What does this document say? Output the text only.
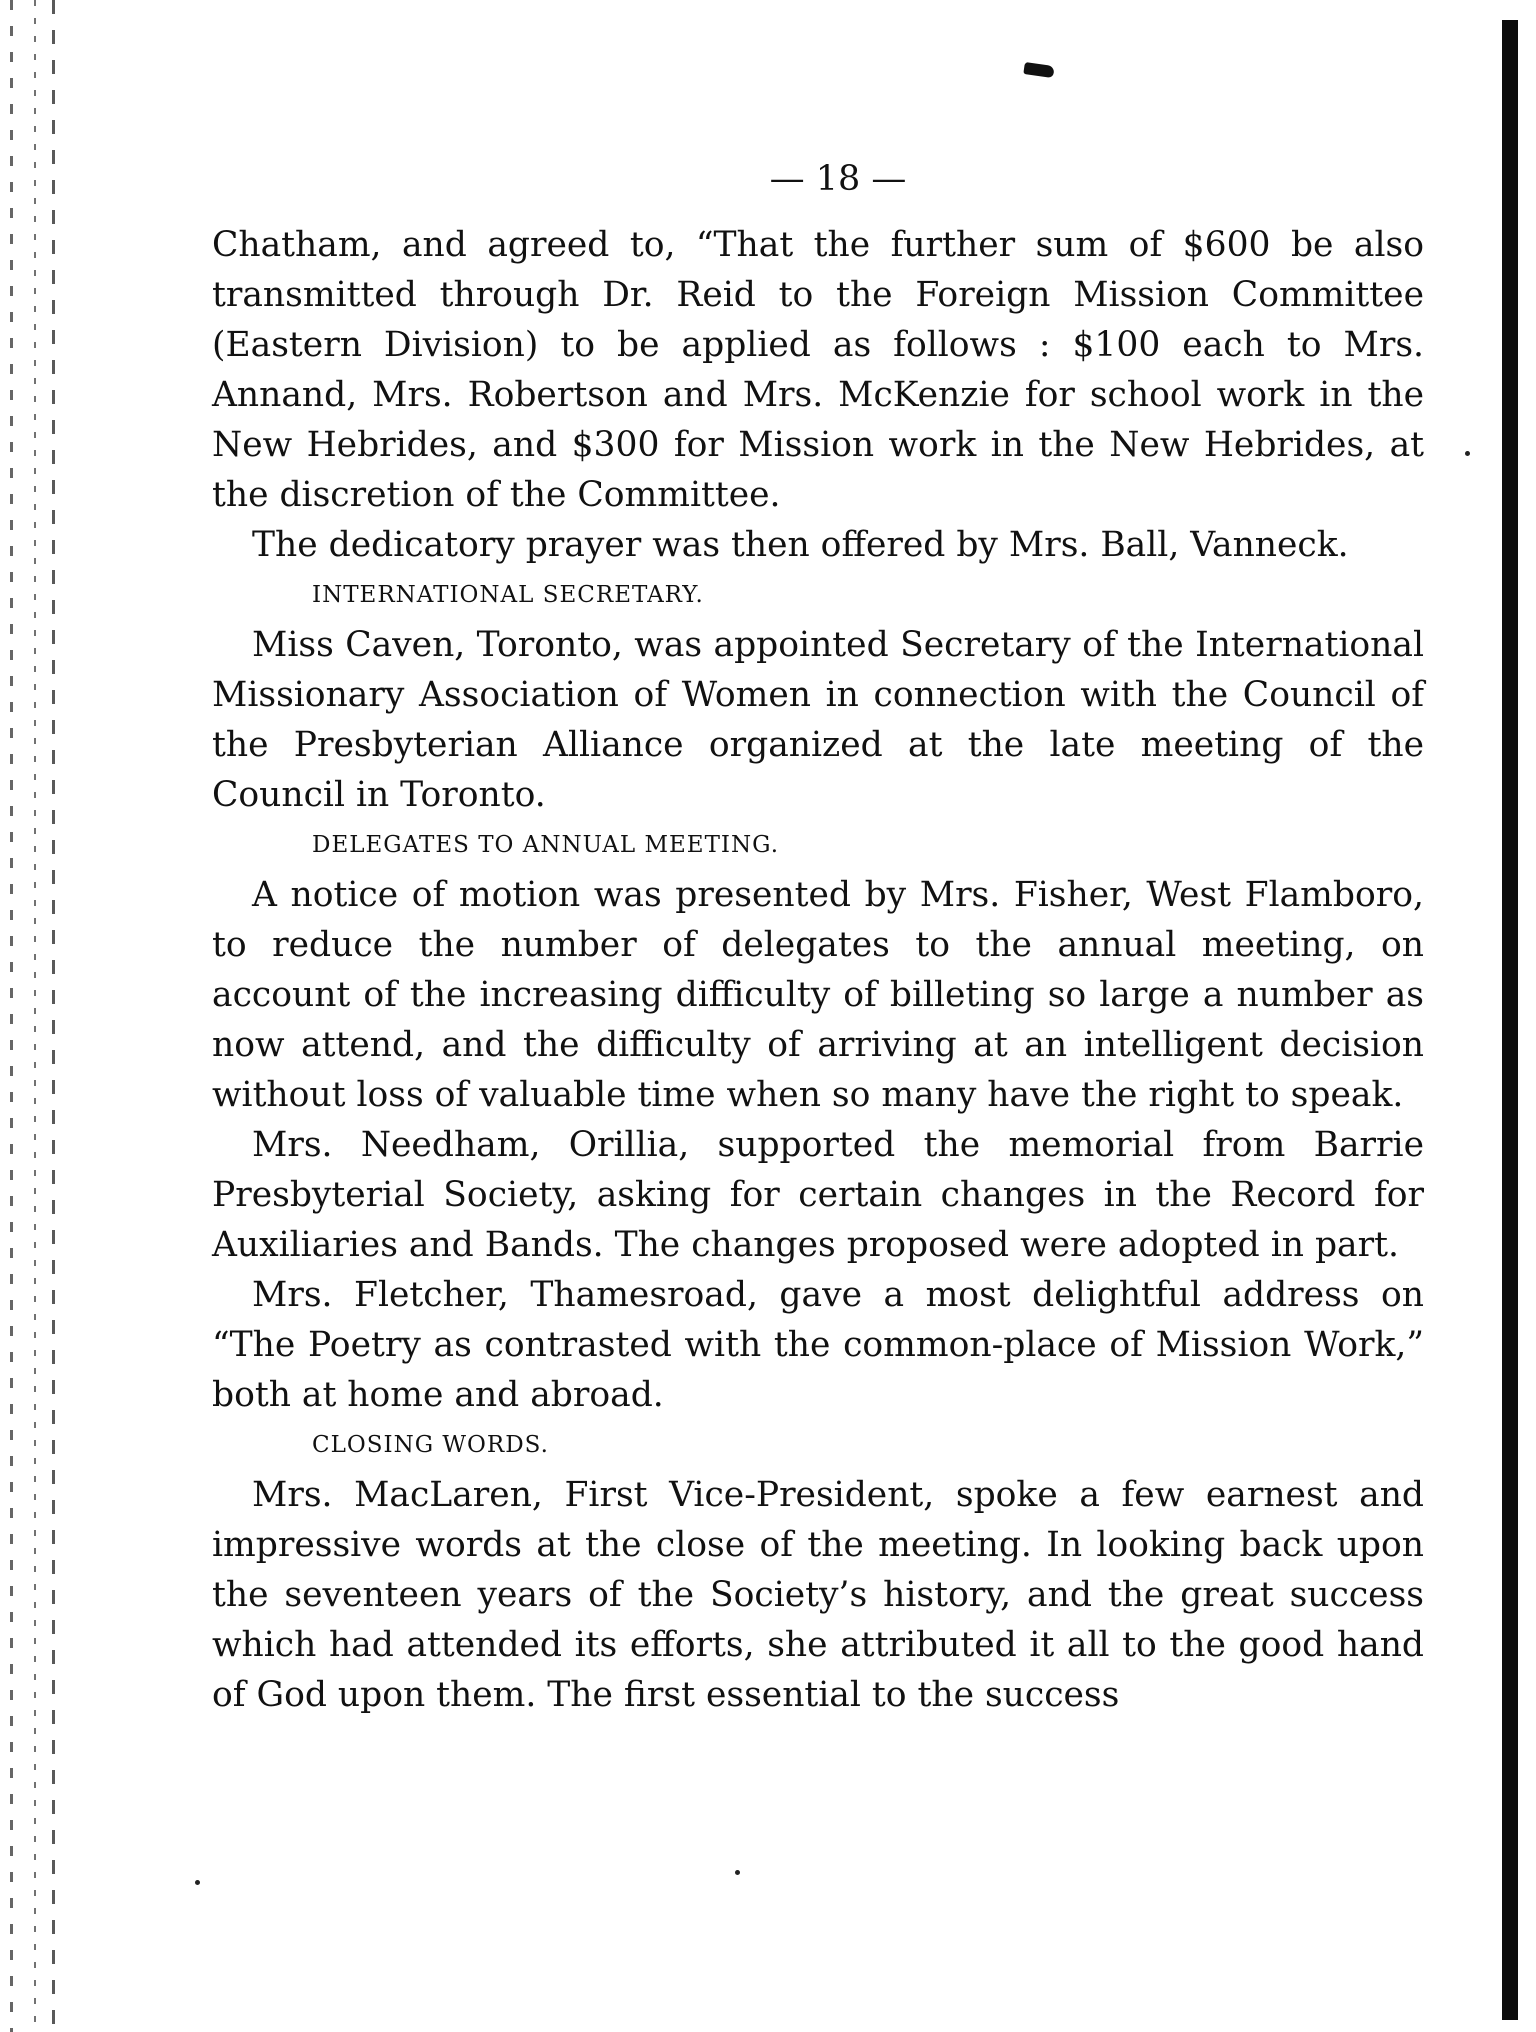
— 18 —

Chatham, and agreed to, “That the further sum of $600 be also transmitted through Dr. Reid to the Foreign Mission Committee (Eastern Division) to be applied as follows : $100 each to Mrs. Annand, Mrs. Robertson and Mrs. McKenzie for school work in the New Hebrides, and $300 for Mission work in the New Hebrides, at the discretion of the Committee.

The dedicatory prayer was then offered by Mrs. Ball, Vanneck.

INTERNATIONAL SECRETARY.

Miss Caven, Toronto, was appointed Secretary of the International Missionary Association of Women in connection with the Council of the Presbyterian Alliance organized at the late meeting of the Council in Toronto.

DELEGATES TO ANNUAL MEETING.

A notice of motion was presented by Mrs. Fisher, West Flamboro, to reduce the number of delegates to the annual meeting, on account of the increasing difficulty of billeting so large a number as now attend, and the difficulty of arriving at an intelligent decision without loss of valuable time when so many have the right to speak.

Mrs. Needham, Orillia, supported the memorial from Barrie Presbyterial Society, asking for certain changes in the Record for Auxiliaries and Bands. The changes proposed were adopted in part.

Mrs. Fletcher, Thamesroad, gave a most delightful address on “The Poetry as contrasted with the common-place of Mission Work,” both at home and abroad.

CLOSING WORDS.

Mrs. MacLaren, First Vice-President, spoke a few earnest and impressive words at the close of the meeting. In looking back upon the seventeen years of the Society’s history, and the great success which had attended its efforts, she attributed it all to the good hand of God upon them. The first essential to the success
